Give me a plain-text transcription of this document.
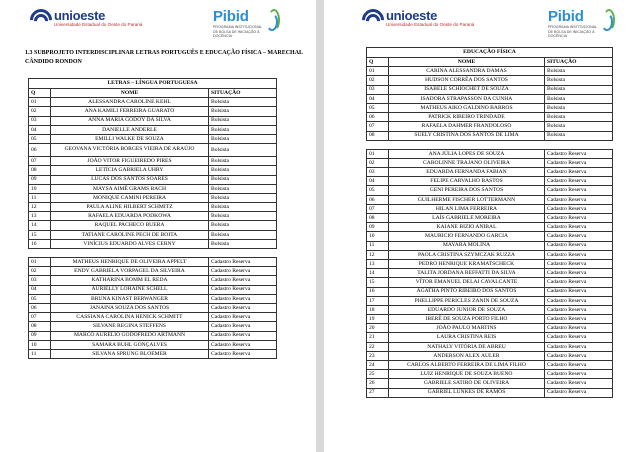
unioeste
Universidade Estadual do Oeste do Paraná	Pibid
PROGRAMA INSTITUCIONAL DE BOLSA DE INICIAÇÃO À DOCÊNCIA
1.3 SUBPROJETO INTERDISCIPLINAR LETRAS PORTUGUÊS E EDUCAÇÃO FÍSICA – MARECHAL CÂNDIDO RONDON
LETRAS – LÍNGUA PORTUGUESA		
Q	NOME	SITUAÇÃO
01	ALESSANDRA CAROLINE KEHL	Bolsista
02	ANA KAMILI FERREIRA GUARATO	Bolsista
03	ANNA MARIA GODOY DA SILVA	Bolsista
04	DANIELLE ANDERLE	Bolsista
05	EMILLI WALKE DE SOUZA	Bolsista
06	GEOVANA VICTÓRIA BORGES VIEIRA DE ARAÚJO	Bolsista
07	JOÃO VITOR FIGUEIREDO PIRES	Bolsista
08	LETÍCIA GABRIELA UHRY	Bolsista
09	LUCAS DOS SANTOS SOARES	Bolsista
10	MAYSA AIMÊ GRAMS BACH	Bolsista
11	MONIQUE CAMINI PEREIRA	Bolsista
12	PAULA ALINE HILBERT SCHMITZ	Bolsista
13	RAFAELA EDUARDA PODKOWA	Bolsista
14	RAQUEL PACHECO BUERA	Bolsista
15	TATIANE CAROLINE PECH DE BOITA	Bolsista
16	VINÍCIUS EDUARDO ALVES CERNY	Bolsista

01	MATHEUS HENRIQUE DE OLIVEIRA APPELT	Cadastro Reserva
02	ENDY GABRIELA VORPAGEL DA SILVEIRA	Cadastro Reserva
03	KATHARINA BOMM EL REDA	Cadastro Reserva
04	AURIELLY LOHAINE SCHELL	Cadastro Reserva
05	BRUNA KINAST BERWANGER	Cadastro Reserva
06	JANAINA SOUZA DOS SANTOS	Cadastro Reserva
07	CASSIANA CAROLINA HENICK SCHMITT	Cadastro Reserva
08	SILVANE REGINA STEFFENS	Cadastro Reserva
09	MARCO AURÉLIO GODOFREDO ARTMANN	Cadastro Reserva
10	SAMARA BUHL GONÇALVES	Cadastro Reserva
11	SILVANA SPRUNG BLOEMER	Cadastro Reserva
unioeste
Universidade Estadual do Oeste do Paraná	Pibid
PROGRAMA INSTITUCIONAL DE BOLSA DE INICIAÇÃO À DOCÊNCIA
EDUCAÇÃO FÍSICA		
Q	NOME	SITUAÇÃO
01	CARINA ALESSANDRA DAMAS	Bolsista
02	HUDSON CORRÊA DOS SANTOS	Bolsista
03	ISABELE SCHIOCHET DE SOUZA	Bolsista
04	ISADORA STRAPASSON DA CUNHA	Bolsista
05	MATHEUS AIKO GALDINO BARROS	Bolsista
06	PATRICK RIBEIRO TRINDADE	Bolsista
07	RAFAELA DAHMER FRANDOLOSO	Bolsista
08	SUELY CRISTINA DOS SANTOS DE LIMA	Bolsista

01	ANA JÚLIA LOPES DE SOUZA	Cadastro Reserva
02	CAROLINNE TRAJANO OLIVEIRA	Cadastro Reserva
03	EDUARDA FERNANDA FABIAN	Cadastro Reserva
04	FELIPE CARVALHO BASTOS	Cadastro Reserva
05	GENI PEREIRA DOS SANTOS	Cadastro Reserva
06	GUILHERME FISCHER LOTTERMANN	Cadastro Reserva
07	HILAN LIMA FERREIRA	Cadastro Reserva
08	LAÍS GABRIELE MOREIRA	Cadastro Reserva
09	KAIANE BIZIO ANIBAL	Cadastro Reserva
10	MAURICIO FERNANDO GARCIA	Cadastro Reserva
11	MAYARA MOLINA	Cadastro Reserva
12	PAOLA CRISTINA SZYMCZAK RUZZA	Cadastro Reserva
13	PEDRO HENRIQUE KRAMATSCHECK	Cadastro Reserva
14	TALITA JORDANA REFFATTI DA SILVA	Cadastro Reserva
15	VÍTOR EMANUEL DELAI CAVALCANTE	Cadastro Reserva
16	ÁGATHA PINTO RIBEIRO DOS SANTOS	Cadastro Reserva
17	PHELLIPPE PERICLES ZANIN DE SOUZA	Cadastro Reserva
18	EDUARDO JUNIOR DE SOUZA	Cadastro Reserva
19	IBERÊ DE SOUZA PORTO FILHO	Cadastro Reserva
20	JOÃO PAULO MARTINS	Cadastro Reserva
21	LAURA CRISTINA REIS	Cadastro Reserva
22	NATHALY VITÓRIA DE ABREU	Cadastro Reserva
23	ANDERSON ALEX AULER	Cadastro Reserva
24	CARLOS ALBERTO FERREIRA DE LIMA FILHO	Cadastro Reserva
25	LUIZ HENRIQUE DE SOUZA BUENO	Cadastro Reserva
26	GABRIELE SATIRO DE OLIVEIRA	Cadastro Reserva
27	GABRIEL LUNKES DE RAMOS	Cadastro Reserva
